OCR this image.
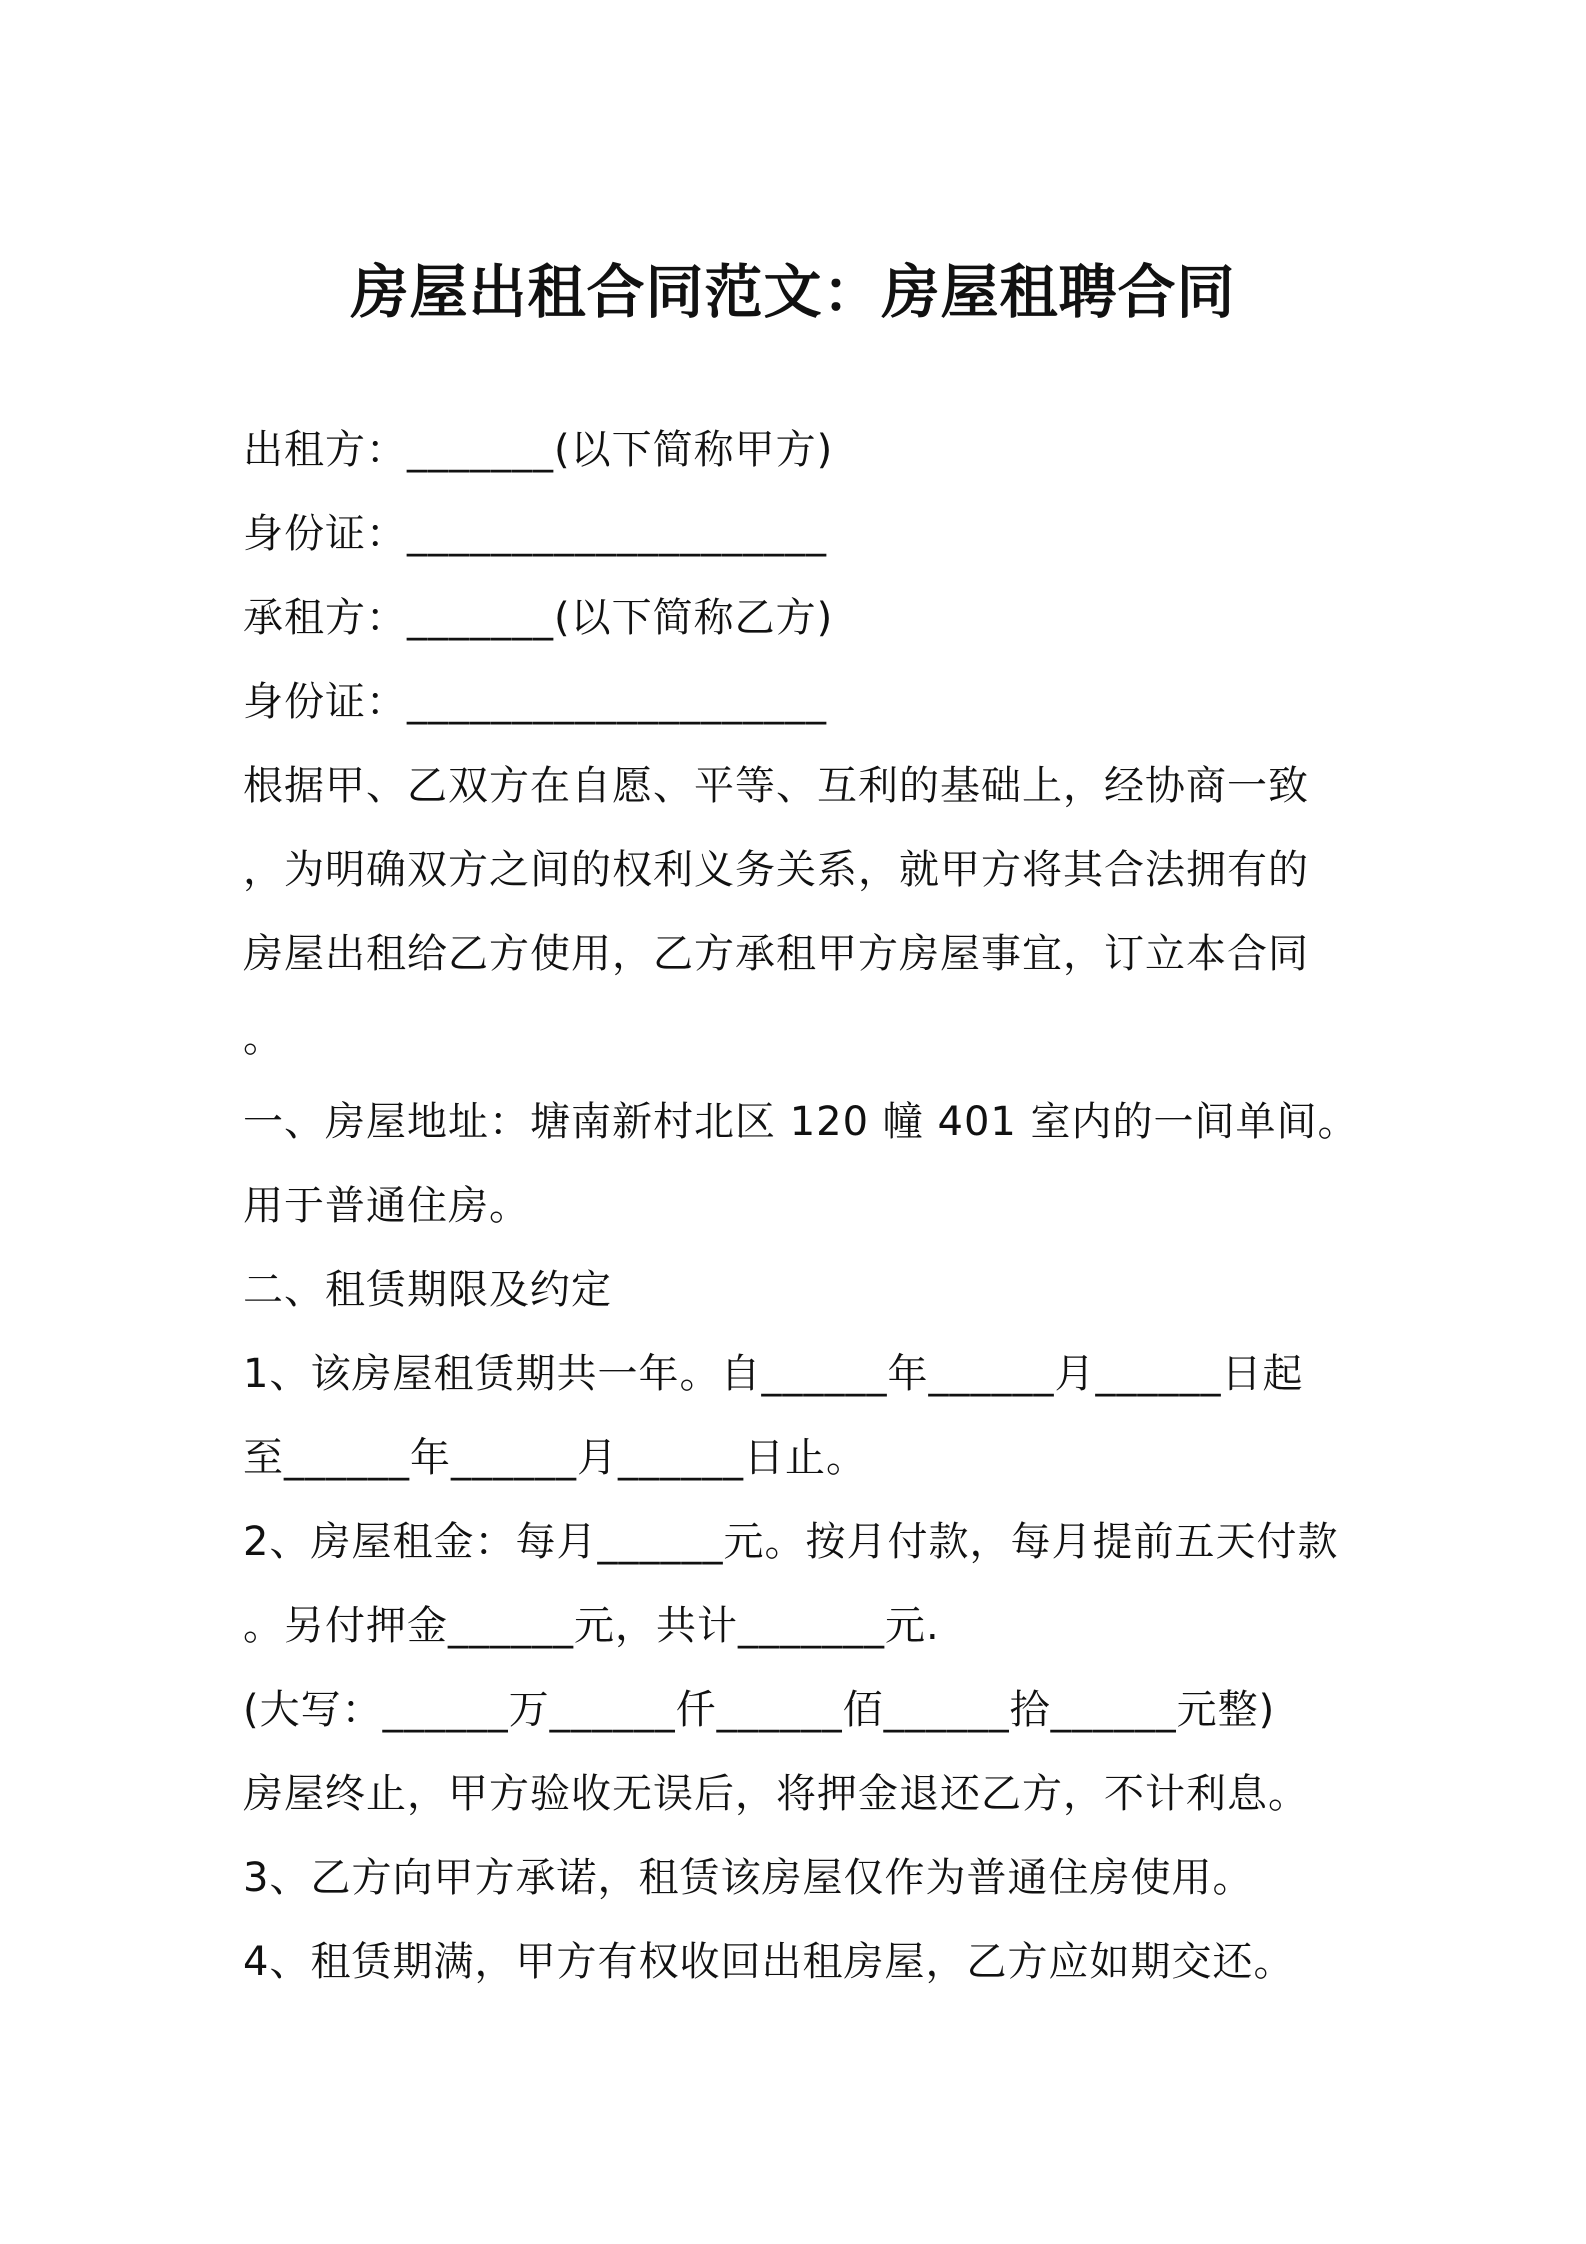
房屋出租合同范文：房屋租聘合同
出租方：_______(以下简称甲方)
身份证：____________________
承租方：_______(以下简称乙方)
身份证：____________________
根据甲、乙双方在自愿、平等、互利的基础上，经协商一致
，为明确双方之间的权利义务关系，就甲方将其合法拥有的
房屋出租给乙方使用，乙方承租甲方房屋事宜，订立本合同
。
一、房屋地址：塘南新村北区 120 幢 401 室内的一间单间。
用于普通住房。
二、租赁期限及约定
1、该房屋租赁期共一年。自______年______月______日起
至______年______月______日止。
2、房屋租金：每月______元。按月付款，每月提前五天付款
。另付押金______元，共计_______元.
(大写：______万______仟______佰______拾______元整)
房屋终止，甲方验收无误后，将押金退还乙方，不计利息。
3、乙方向甲方承诺，租赁该房屋仅作为普通住房使用。
4、租赁期满，甲方有权收回出租房屋，乙方应如期交还。
